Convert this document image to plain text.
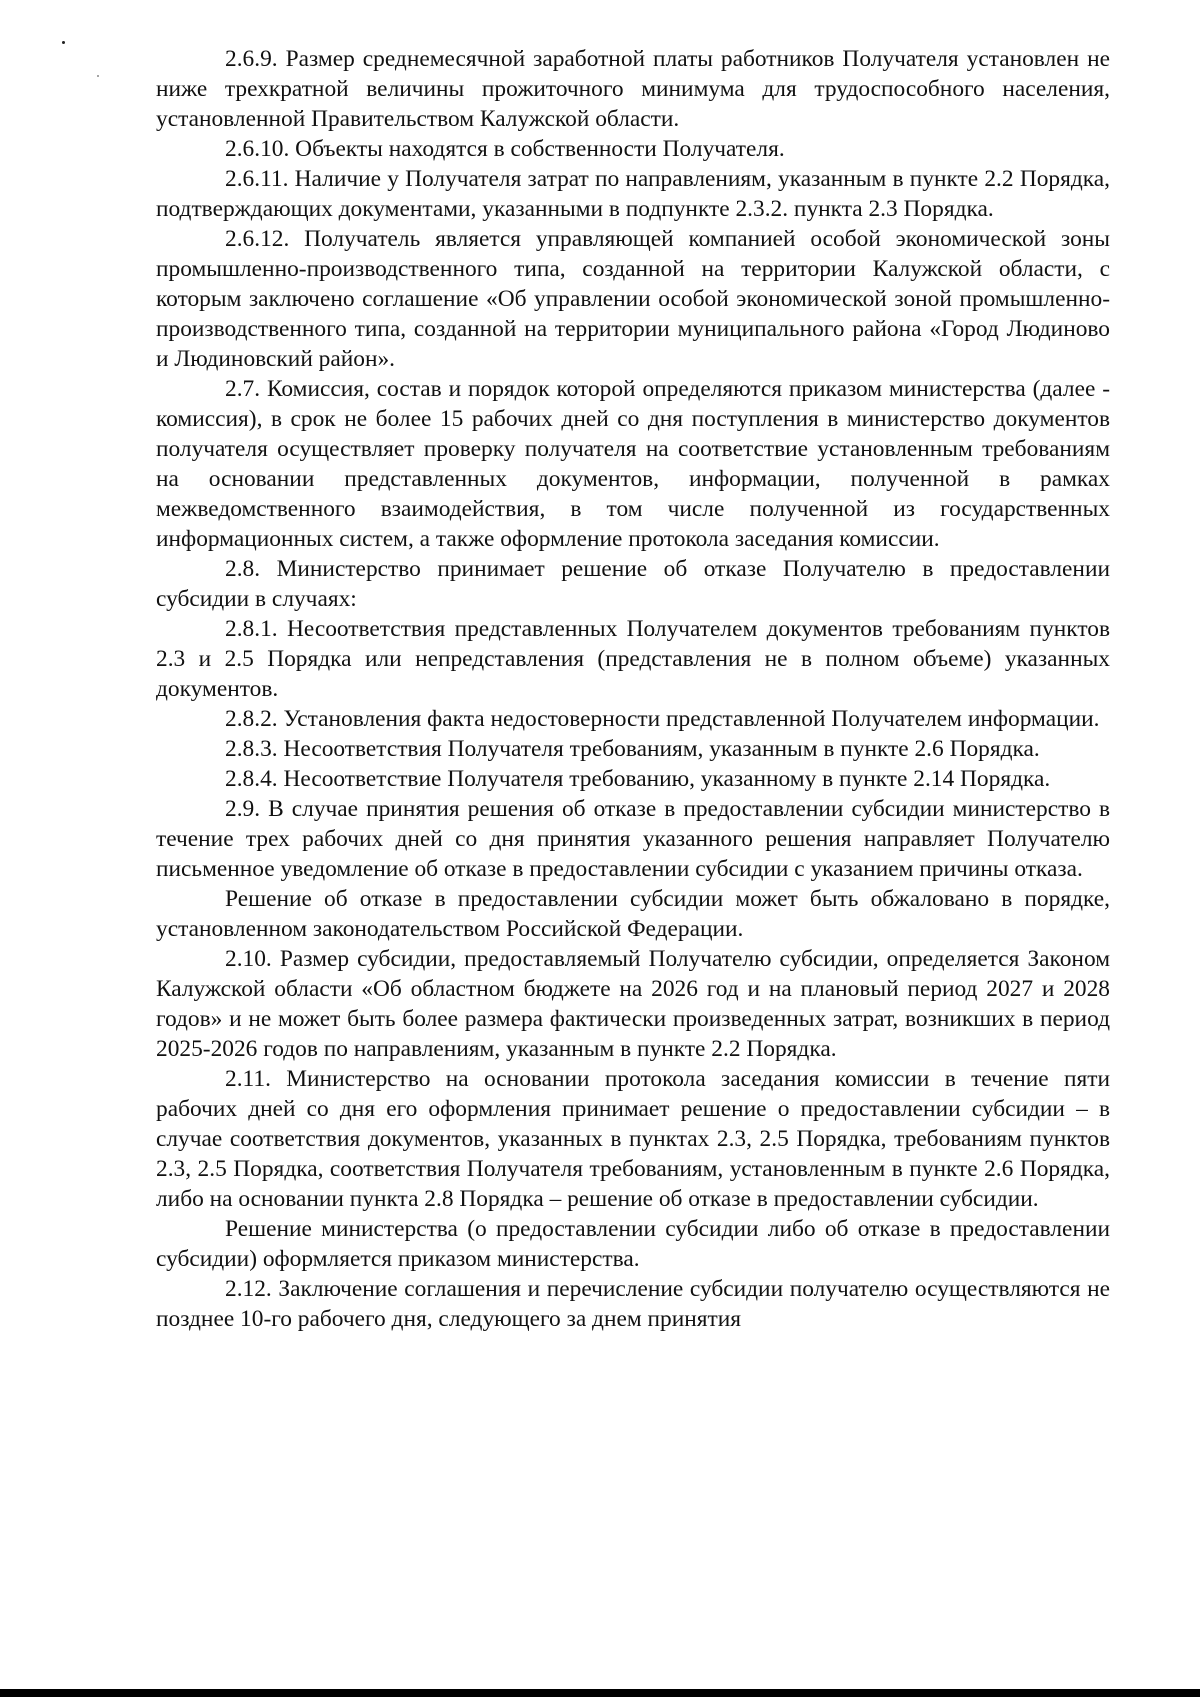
2.6.9. Размер среднемесячной заработной платы работников Получателя установлен не ниже трехкратной величины прожиточного минимума для трудоспособного населения, установленной Правительством Калужской области.

2.6.10. Объекты находятся в собственности Получателя.

2.6.11. Наличие у Получателя затрат по направлениям, указанным в пункте 2.2 Порядка, подтверждающих документами, указанными в подпункте 2.3.2. пункта 2.3 Порядка.

2.6.12. Получатель является управляющей компанией особой экономической зоны промышленно-производственного типа, созданной на территории Калужской области, с которым заключено соглашение «Об управлении особой экономической зоной промышленно-производственного типа, созданной на территории муниципального района «Город Людиново и Людиновский район».

2.7. Комиссия, состав и порядок которой определяются приказом министерства (далее - комиссия), в срок не более 15 рабочих дней со дня поступления в министерство документов получателя осуществляет проверку получателя на соответствие установленным требованиям на основании представленных документов, информации, полученной в рамках межведомственного взаимодействия, в том числе полученной из государственных информационных систем, а также оформление протокола заседания комиссии.

2.8. Министерство принимает решение об отказе Получателю в предоставлении субсидии в случаях:

2.8.1. Несоответствия представленных Получателем документов требованиям пунктов 2.3 и 2.5 Порядка или непредставления (представления не в полном объеме) указанных документов.

2.8.2. Установления факта недостоверности представленной Получателем информации.

2.8.3. Несоответствия Получателя требованиям, указанным в пункте 2.6 Порядка.

2.8.4. Несоответствие Получателя требованию, указанному в пункте 2.14 Порядка.

2.9. В случае принятия решения об отказе в предоставлении субсидии министерство в течение трех рабочих дней со дня принятия указанного решения направляет Получателю письменное уведомление об отказе в предоставлении субсидии с указанием причины отказа.

Решение об отказе в предоставлении субсидии может быть обжаловано в порядке, установленном законодательством Российской Федерации.

2.10. Размер субсидии, предоставляемый Получателю субсидии, определяется Законом Калужской области «Об областном бюджете на 2026 год и на плановый период 2027 и 2028 годов» и не может быть более размера фактически произведенных затрат, возникших в период 2025-2026 годов по направлениям, указанным в пункте 2.2 Порядка.

2.11. Министерство на основании протокола заседания комиссии в течение пяти рабочих дней со дня его оформления принимает решение о предоставлении субсидии – в случае соответствия документов, указанных в пунктах 2.3, 2.5 Порядка, требованиям пунктов 2.3, 2.5 Порядка, соответствия Получателя требованиям, установленным в пункте 2.6 Порядка, либо на основании пункта 2.8 Порядка – решение об отказе в предоставлении субсидии.

Решение министерства (о предоставлении субсидии либо об отказе в предоставлении субсидии) оформляется приказом министерства.

2.12. Заключение соглашения и перечисление субсидии получателю осуществляются не позднее 10-го рабочего дня, следующего за днем принятия
